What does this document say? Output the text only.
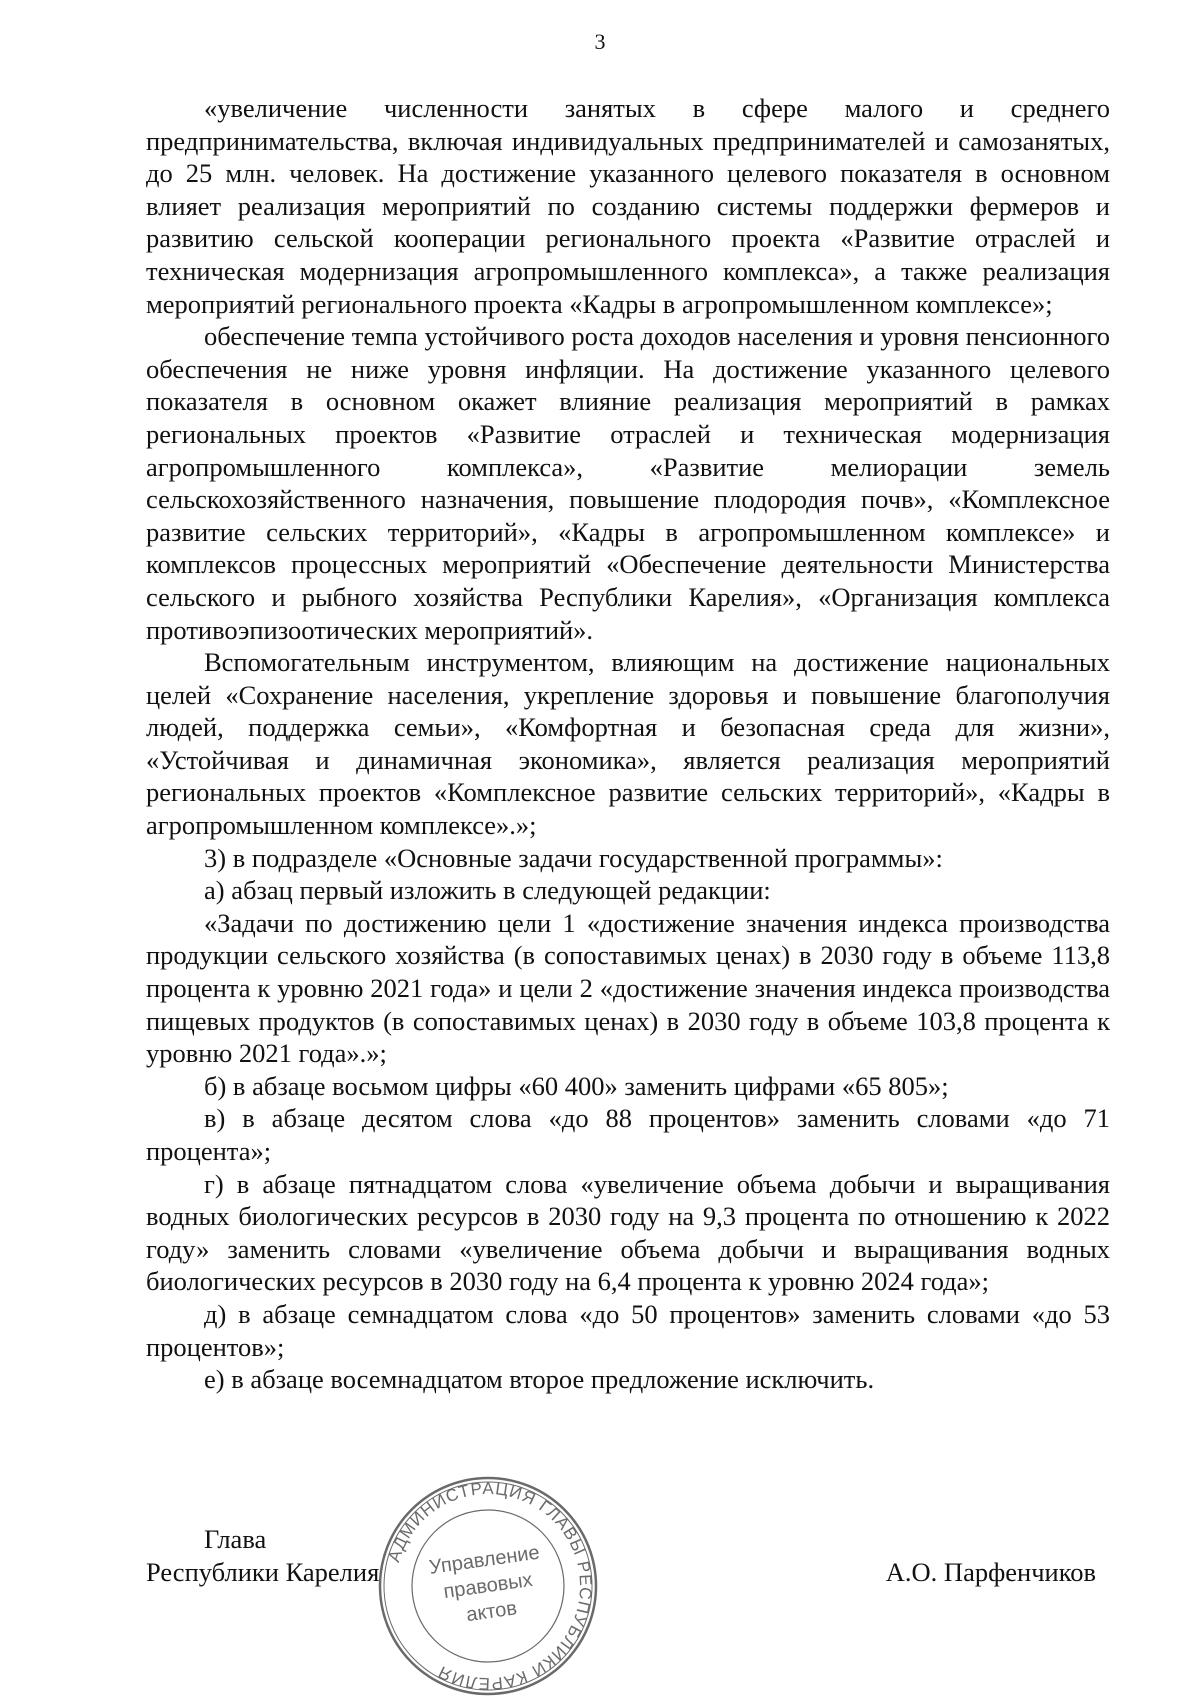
3

«увеличение численности занятых в сфере малого и среднего предпринимательства, включая индивидуальных предпринимателей и самозанятых, до 25 млн. человек. На достижение указанного целевого показателя в основном влияет реализация мероприятий по созданию системы поддержки фермеров и развитию сельской кооперации регионального проекта «Развитие отраслей и техническая модернизация агропромышленного комплекса», а также реализация мероприятий регионального проекта «Кадры в агропромышленном комплексе»;

обеспечение темпа устойчивого роста доходов населения и уровня пенсионного обеспечения не ниже уровня инфляции. На достижение указанного целевого показателя в основном окажет влияние реализация мероприятий в рамках региональных проектов «Развитие отраслей и техническая модернизация агропромышленного комплекса», «Развитие мелиорации земель сельскохозяйственного назначения, повышение плодородия почв», «Комплексное развитие сельских территорий», «Кадры в агропромышленном комплексе» и комплексов процессных мероприятий «Обеспечение деятельности Министерства сельского и рыбного хозяйства Республики Карелия», «Организация комплекса противоэпизоотических мероприятий».

Вспомогательным инструментом, влияющим на достижение национальных целей «Сохранение населения, укрепление здоровья и повышение благополучия людей, поддержка семьи», «Комфортная и безопасная среда для жизни», «Устойчивая и динамичная экономика», является реализация мероприятий региональных проектов «Комплексное развитие сельских территорий», «Кадры в агропромышленном комплексе».»;

3) в подразделе «Основные задачи государственной программы»:

а) абзац первый изложить в следующей редакции:

«Задачи по достижению цели 1 «достижение значения индекса производства продукции сельского хозяйства (в сопоставимых ценах) в 2030 году в объеме 113,8 процента к уровню 2021 года» и цели 2 «достижение значения индекса производства пищевых продуктов (в сопоставимых ценах) в 2030 году в объеме 103,8 процента к уровню 2021 года».»;

б) в абзаце восьмом цифры «60 400» заменить цифрами «65 805»;

в) в абзаце десятом слова «до 88 процентов» заменить словами «до 71 процента»;

г) в абзаце пятнадцатом слова «увеличение объема добычи и выращивания водных биологических ресурсов в 2030 году на 9,3 процента по отношению к 2022 году» заменить словами «увеличение объема добычи и выращивания водных биологических ресурсов в 2030 году на 6,4 процента к уровню 2024 года»;

д) в абзаце семнадцатом слова «до 50 процентов» заменить словами «до 53 процентов»;

е) в абзаце восемнадцатом второе предложение исключить.

Глава
Республики Карелия	А.О. Парфенчиков
АДМИНИСТРАЦИЯ ГЛАВЫ РЕСПУБЛИКИ КАРЕЛИЯ
Управление
правовых
актов
